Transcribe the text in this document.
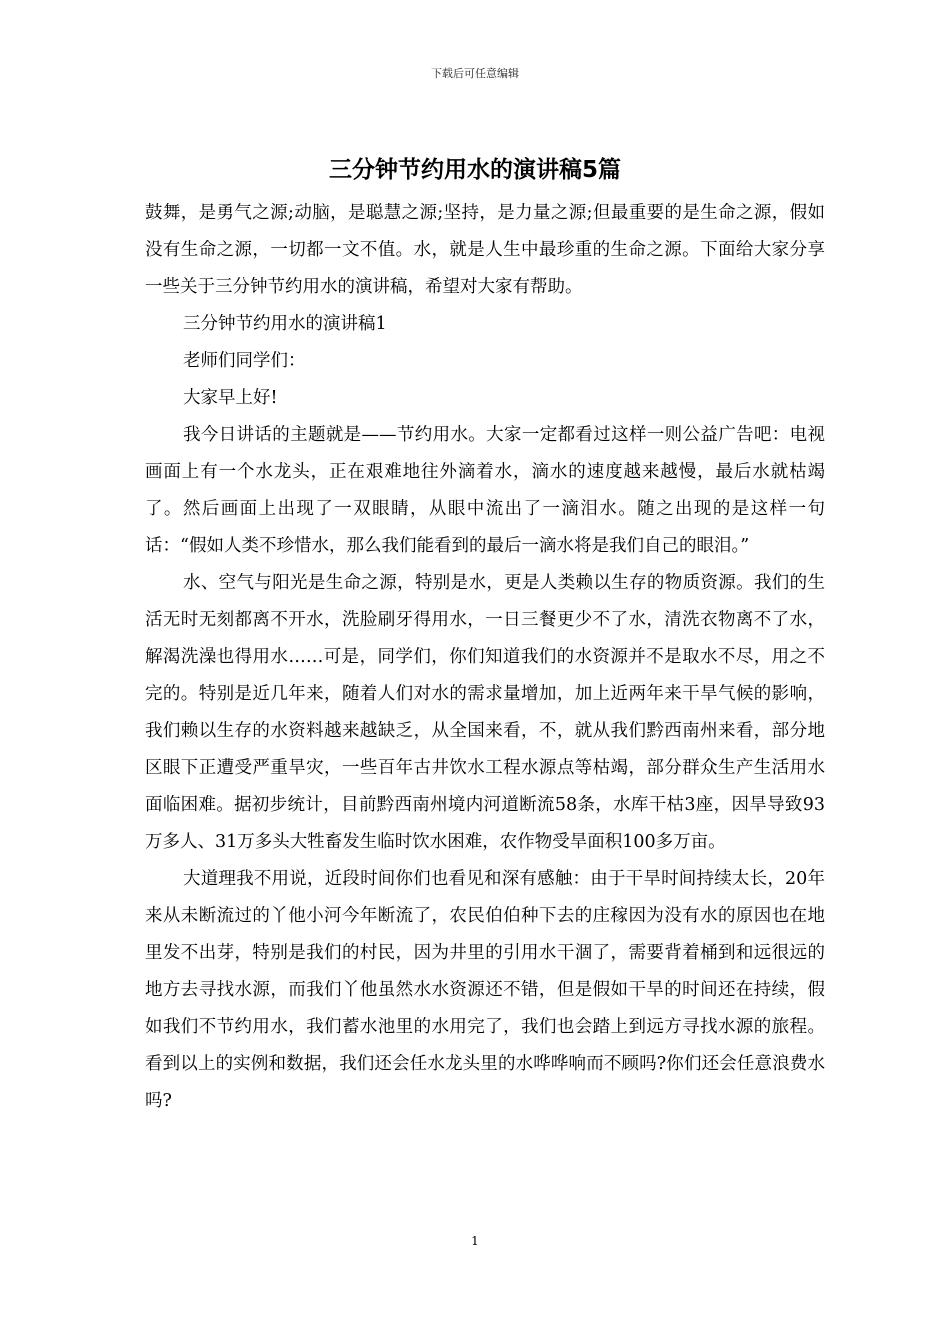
下载后可任意编辑
三分钟节约用水的演讲稿5篇

鼓舞，是勇气之源;动脑，是聪慧之源;坚持，是力量之源;但最重要的是生命之源，假如没有生命之源，一切都一文不值。水，就是人生中最珍重的生命之源。下面给大家分享一些关于三分钟节约用水的演讲稿，希望对大家有帮助。

三分钟节约用水的演讲稿1

老师们同学们：

大家早上好!

我今日讲话的主题就是——节约用水。大家一定都看过这样一则公益广告吧：电视画面上有一个水龙头，正在艰难地往外滴着水，滴水的速度越来越慢，最后水就枯竭了。然后画面上出现了一双眼睛，从眼中流出了一滴泪水。随之出现的是这样一句话：“假如人类不珍惜水，那么我们能看到的最后一滴水将是我们自己的眼泪。”

水、空气与阳光是生命之源，特别是水，更是人类赖以生存的物质资源。我们的生活无时无刻都离不开水，洗脸刷牙得用水，一日三餐更少不了水，清洗衣物离不了水，解渴洗澡也得用水……可是，同学们，你们知道我们的水资源并不是取水不尽，用之不完的。特别是近几年来，随着人们对水的需求量增加，加上近两年来干旱气候的影响，我们赖以生存的水资料越来越缺乏，从全国来看，不，就从我们黔西南州来看，部分地区眼下正遭受严重旱灾，一些百年古井饮水工程水源点等枯竭，部分群众生产生活用水面临困难。据初步统计，目前黔西南州境内河道断流58条，水库干枯3座，因旱导致93万多人、31万多头大牲畜发生临时饮水困难，农作物受旱面积100多万亩。

大道理我不用说，近段时间你们也看见和深有感触：由于干旱时间持续太长，20年来从未断流过的丫他小河今年断流了，农民伯伯种下去的庄稼因为没有水的原因也在地里发不出芽，特别是我们的村民，因为井里的引用水干涸了，需要背着桶到和远很远的地方去寻找水源，而我们丫他虽然水水资源还不错，但是假如干旱的时间还在持续，假如我们不节约用水，我们蓄水池里的水用完了，我们也会踏上到远方寻找水源的旅程。看到以上的实例和数据，我们还会任水龙头里的水哗哗响而不顾吗?你们还会任意浪费水吗?

1
